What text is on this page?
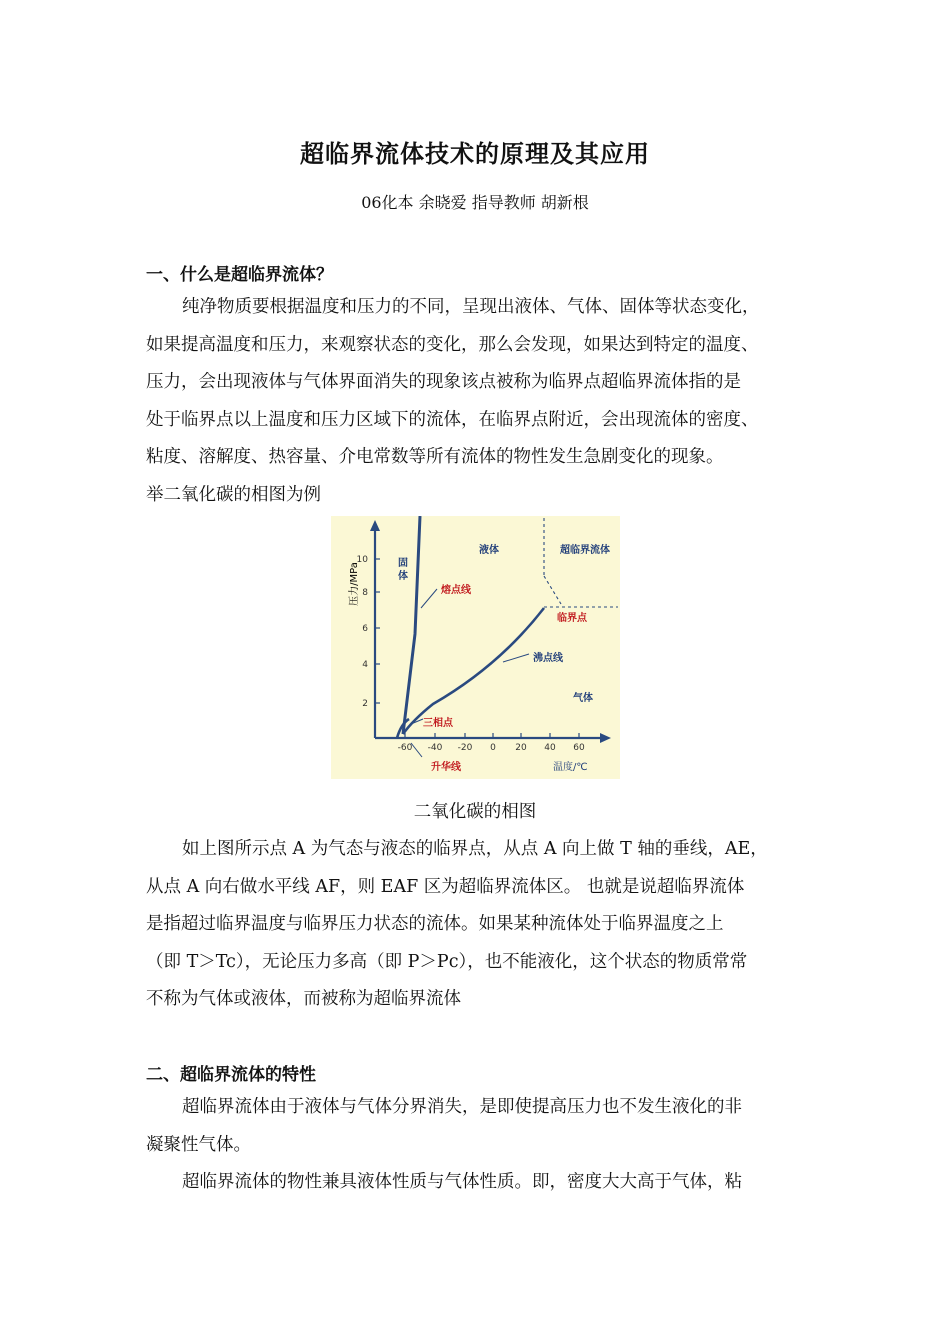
超临界流体技术的原理及其应用
06化本 余晓爱 指导教师 胡新根
一、什么是超临界流体？
纯净物质要根据温度和压力的不同，呈现出液体、气体、固体等状态变化，
如果提高温度和压力，来观察状态的变化，那么会发现，如果达到特定的温度、
压力，会出现液体与气体界面消失的现象该点被称为临界点超临界流体指的是
处于临界点以上温度和压力区域下的流体，在临界点附近，会出现流体的密度、
粘度、溶解度、热容量、介电常数等所有流体的物性发生急剧变化的现象。
举二氧化碳的相图为例
10
8
6
4
2
-60 -40 -20 0 20 40 60
压力/MPa	固
体
液体	超临界流体
熔点线
临界点
沸点线
气体
三相点
升华线	温度/℃
二氧化碳的相图
如上图所示点 A 为气态与液态的临界点，从点 A 向上做 T 轴的垂线，AE，
从点 A 向右做水平线 AF，则 EAF 区为超临界流体区。 也就是说超临界流体
是指超过临界温度与临界压力状态的流体。如果某种流体处于临界温度之上
（即 T＞Tc），无论压力多高（即 P＞Pc），也不能液化，这个状态的物质常常
不称为气体或液体，而被称为超临界流体
二、超临界流体的特性
超临界流体由于液体与气体分界消失，是即使提高压力也不发生液化的非
凝聚性气体。
超临界流体的物性兼具液体性质与气体性质。即，密度大大高于气体，粘
